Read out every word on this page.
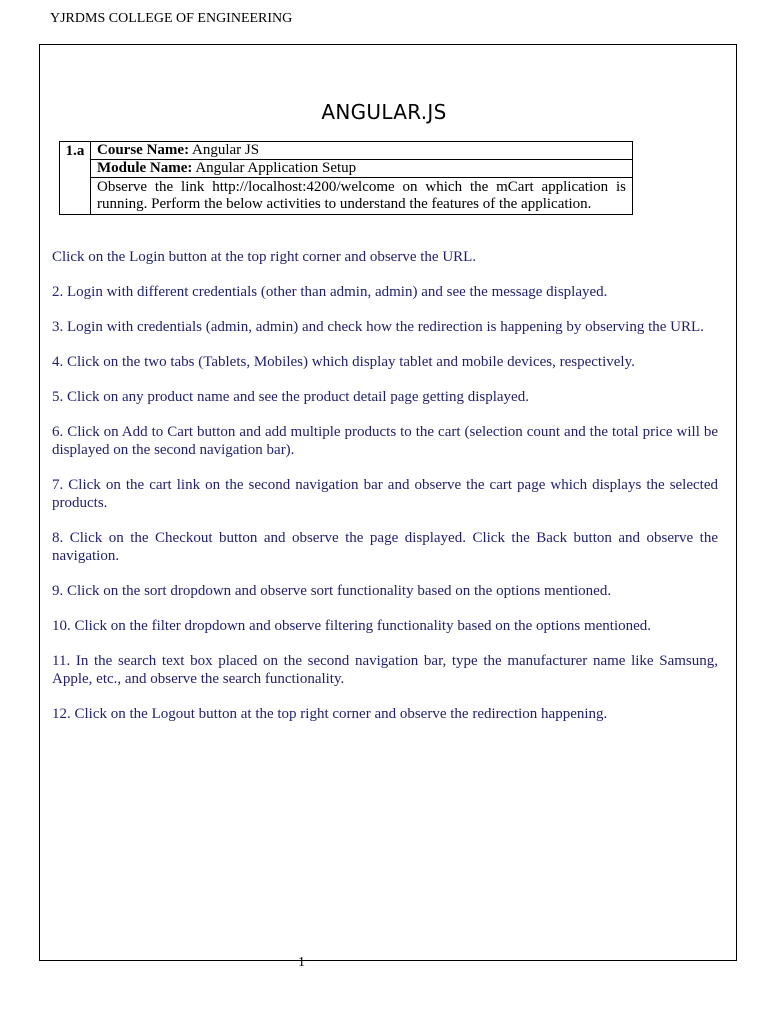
YJRDMS COLLEGE OF ENGINEERING
ANGULAR.JS
1.a	Course Name: Angular JS
Module Name: Angular Application Setup
Observe the link http://localhost:4200/welcome on which the mCart application is running. Perform the below activities to understand the features of the application.

Click on the Login button at the top right corner and observe the URL.

2. Login with different credentials (other than admin, admin) and see the message displayed.

3. Login with credentials (admin, admin) and check how the redirection is happening by observing the URL.

4. Click on the two tabs (Tablets, Mobiles) which display tablet and mobile devices, respectively.

5. Click on any product name and see the product detail page getting displayed.

6. Click on Add to Cart button and add multiple products to the cart (selection count and the total price will be displayed on the second navigation bar).

7. Click on the cart link on the second navigation bar and observe the cart page which displays the selected products.

8. Click on the Checkout button and observe the page displayed. Click the Back button and observe the navigation.

9. Click on the sort dropdown and observe sort functionality based on the options mentioned.

10. Click on the filter dropdown and observe filtering functionality based on the options mentioned.

11. In the search text box placed on the second navigation bar, type the manufacturer name like Samsung, Apple, etc., and observe the search functionality.

12. Click on the Logout button at the top right corner and observe the redirection happening.

1
